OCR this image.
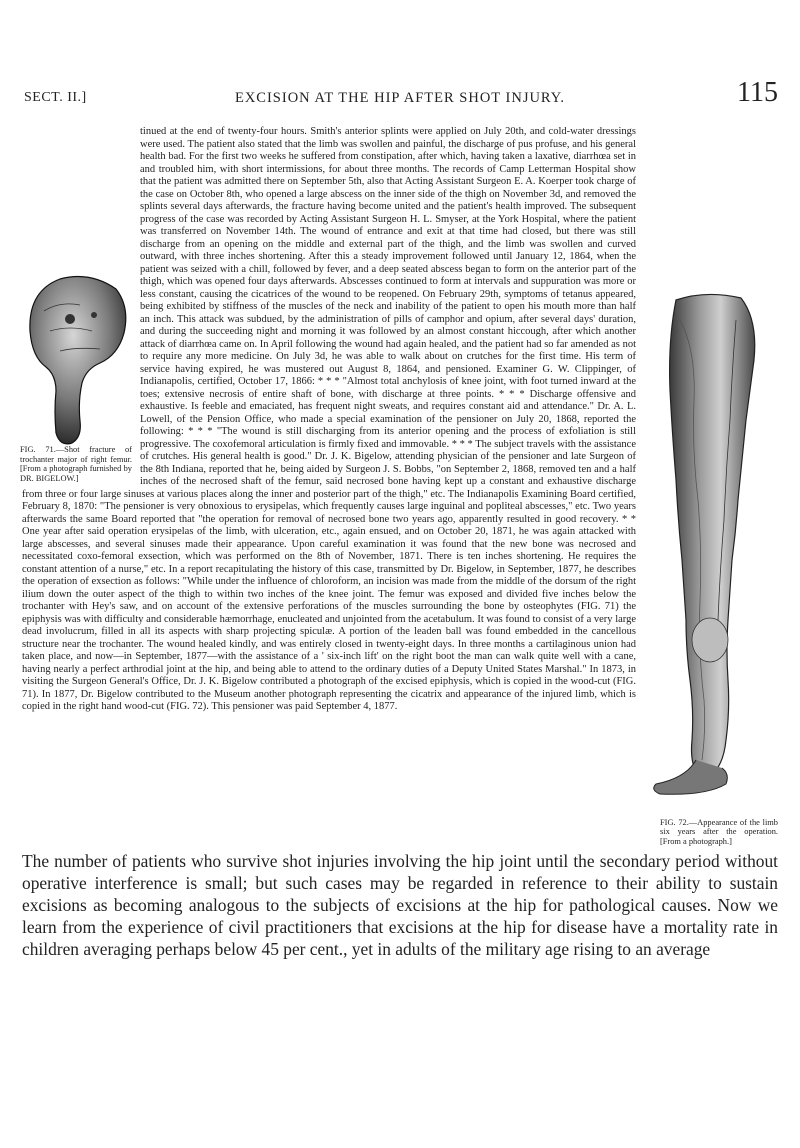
SECT. II.]	EXCISION AT THE HIP AFTER SHOT INJURY.	115
FIG. 72.—Appearance of the limb six years after the operation. [From a photograph.]
FIG. 71.—Shot fracture of trochanter major of right femur. [From a photograph furnished by DR. BIGELOW.]
tinued at the end of twenty-four hours. Smith's anterior splints were applied on July 20th, and cold-water dressings were used. The patient also stated that the limb was swollen and painful, the discharge of pus profuse, and his general health bad. For the first two weeks he suffered from constipation, after which, having taken a laxative, diarrhœa set in and troubled him, with short intermissions, for about three months. The records of Camp Letterman Hospital show that the patient was admitted there on September 5th, also that Acting Assistant Surgeon E. A. Koerper took charge of the case on October 8th, who opened a large abscess on the inner side of the thigh on November 3d, and removed the splints several days afterwards, the fracture having become united and the patient's health improved. The subsequent progress of the case was recorded by Acting Assistant Surgeon H. L. Smyser, at the York Hospital, where the patient was transferred on November 14th. The wound of entrance and exit at that time had closed, but there was still discharge from an opening on the middle and external part of the thigh, and the limb was swollen and curved outward, with three inches shortening. After this a steady improvement followed until January 12, 1864, when the patient was seized with a chill, followed by fever, and a deep seated abscess began to form on the anterior part of the thigh, which was opened four days afterwards. Abscesses continued to form at intervals and suppuration was more or less constant, causing the cicatrices of the wound to be reopened. On February 29th, symptoms of tetanus appeared, being exhibited by stiffness of the muscles of the neck and inability of the patient to open his mouth more than half an inch. This attack was subdued, by the administration of pills of camphor and opium, after several days' duration, and during the succeeding night and morning it was followed by an almost constant hiccough, after which another attack of diarrhœa came on. In April following the wound had again healed, and the patient had so far amended as not to require any more medicine. On July 3d, he was able to walk about on crutches for the first time. His term of service having expired, he was mustered out August 8, 1864, and pensioned. Examiner G. W. Clippinger, of Indianapolis, certified, October 17, 1866: * * * "Almost total anchylosis of knee joint, with foot turned inward at the toes; extensive necrosis of entire shaft of bone, with discharge at three points. * * * Discharge offensive and exhaustive. Is feeble and emaciated, has frequent night sweats, and requires constant aid and attendance." Dr. A. L. Lowell, of the Pension Office, who made a special examination of the pensioner on July 20, 1868, reported the following: * * * "The wound is still discharging from its anterior opening and the process of exfoliation is still progressive. The coxofemoral articulation is firmly fixed and immovable. * * * The subject travels with the assistance of crutches. His general health is good." Dr. J. K. Bigelow, attending physician of the pensioner and late Surgeon of the 8th Indiana, reported that he, being aided by Surgeon J. S. Bobbs, "on September 2, 1868, removed ten and a half inches of the necrosed shaft of the femur, said necrosed bone having kept up a constant and exhaustive discharge from three or four large sinuses at various places along the inner and posterior part of the thigh," etc. The Indianapolis Examining Board certified, February 8, 1870: "The pensioner is very obnoxious to erysipelas, which frequently causes large inguinal and popliteal abscesses," etc. Two years afterwards the same Board reported that "the operation for removal of necrosed bone two years ago, apparently resulted in good recovery. * * One year after said operation erysipelas of the limb, with ulceration, etc., again ensued, and on October 20, 1871, he was again attacked with large abscesses, and several sinuses made their appearance. Upon careful examination it was found that the new bone was necrosed and necessitated coxo-femoral exsection, which was performed on the 8th of November, 1871. There is ten inches shortening. He requires the constant attention of a nurse," etc. In a report recapitulating the history of this case, transmitted by Dr. Bigelow, in September, 1877, he describes the operation of exsection as follows: "While under the influence of chloroform, an incision was made from the middle of the dorsum of the right ilium down the outer aspect of the thigh to within two inches of the knee joint. The femur was exposed and divided five inches below the trochanter with Hey's saw, and on account of the extensive perforations of the muscles surrounding the bone by osteophytes (FIG. 71) the epiphysis was with difficulty and considerable hæmorrhage, enucleated and unjointed from the acetabulum. It was found to consist of a very large dead involucrum, filled in all its aspects with sharp projecting spiculæ. A portion of the leaden ball was found embedded in the cancellous structure near the trochanter. The wound healed kindly, and was entirely closed in twenty-eight days. In three months a cartilaginous union had taken place, and now—in September, 1877—with the assistance of a ' six-inch lift' on the right boot the man can walk quite well with a cane, having nearly a perfect arthrodial joint at the hip, and being able to attend to the ordinary duties of a Deputy United States Marshal." In 1873, in visiting the Surgeon General's Office, Dr. J. K. Bigelow contributed a photograph of the excised epiphysis, which is copied in the wood-cut (FIG. 71). In 1877, Dr. Bigelow contributed to the Museum another photograph representing the cicatrix and appearance of the injured limb, which is copied in the right hand wood-cut (FIG. 72). This pensioner was paid September 4, 1877.

The number of patients who survive shot injuries involving the hip joint until the secondary period without operative interference is small; but such cases may be regarded in reference to their ability to sustain excisions as becoming analogous to the subjects of excisions at the hip for pathological causes. Now we learn from the experience of civil practitioners that excisions at the hip for disease have a mortality rate in children averaging perhaps below 45 per cent., yet in adults of the military age rising to an average
